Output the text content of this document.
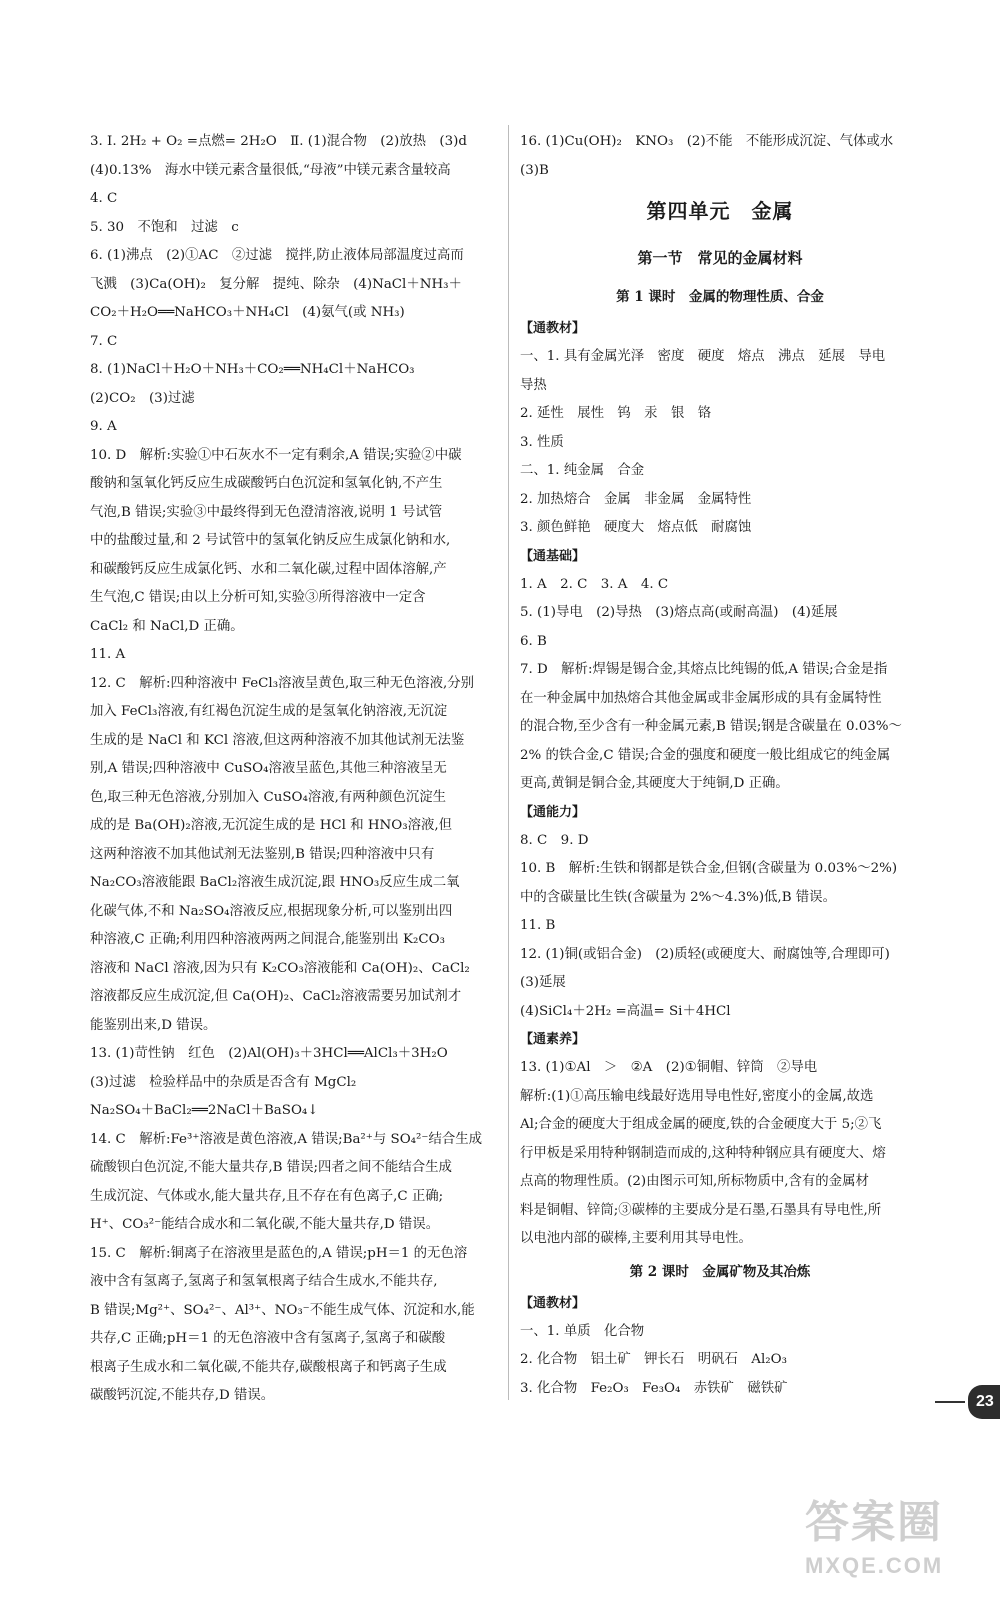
3. Ⅰ. 2H₂ + O₂ =点燃= 2H₂O　Ⅱ. (1)混合物　(2)放热　(3)d
(4)0.13%　海水中镁元素含量很低,“母液”中镁元素含量较高
4. C
5. 30　不饱和　过滤　c
6. (1)沸点　(2)①AC　②过滤　搅拌,防止液体局部温度过高而
飞溅　(3)Ca(OH)₂　复分解　提纯、除杂　(4)NaCl＋NH₃＋
CO₂＋H₂O══NaHCO₃＋NH₄Cl　(4)氨气(或 NH₃)
7. C
8. (1)NaCl＋H₂O＋NH₃＋CO₂══NH₄Cl＋NaHCO₃
(2)CO₂　(3)过滤
9. A
10. D　解析:实验①中石灰水不一定有剩余,A 错误;实验②中碳
酸钠和氢氧化钙反应生成碳酸钙白色沉淀和氢氧化钠,不产生
气泡,B 错误;实验③中最终得到无色澄清溶液,说明 1 号试管
中的盐酸过量,和 2 号试管中的氢氧化钠反应生成氯化钠和水,
和碳酸钙反应生成氯化钙、水和二氧化碳,过程中固体溶解,产
生气泡,C 错误;由以上分析可知,实验③所得溶液中一定含
CaCl₂ 和 NaCl,D 正确。
11. A
12. C　解析:四种溶液中 FeCl₃溶液呈黄色,取三种无色溶液,分别
加入 FeCl₃溶液,有红褐色沉淀生成的是氢氧化钠溶液,无沉淀
生成的是 NaCl 和 KCl 溶液,但这两种溶液不加其他试剂无法鉴
别,A 错误;四种溶液中 CuSO₄溶液呈蓝色,其他三种溶液呈无
色,取三种无色溶液,分别加入 CuSO₄溶液,有两种颜色沉淀生
成的是 Ba(OH)₂溶液,无沉淀生成的是 HCl 和 HNO₃溶液,但
这两种溶液不加其他试剂无法鉴别,B 错误;四种溶液中只有
Na₂CO₃溶液能跟 BaCl₂溶液生成沉淀,跟 HNO₃反应生成二氧
化碳气体,不和 Na₂SO₄溶液反应,根据现象分析,可以鉴别出四
种溶液,C 正确;利用四种溶液两两之间混合,能鉴别出 K₂CO₃
溶液和 NaCl 溶液,因为只有 K₂CO₃溶液能和 Ca(OH)₂、CaCl₂
溶液都反应生成沉淀,但 Ca(OH)₂、CaCl₂溶液需要另加试剂才
能鉴别出来,D 错误。
13. (1)苛性钠　红色　(2)Al(OH)₃＋3HCl══AlCl₃＋3H₂O
(3)过滤　检验样品中的杂质是否含有 MgCl₂
Na₂SO₄＋BaCl₂══2NaCl＋BaSO₄↓
14. C　解析:Fe³⁺溶液是黄色溶液,A 错误;Ba²⁺与 SO₄²⁻结合生成
硫酸钡白色沉淀,不能大量共存,B 错误;四者之间不能结合生成
生成沉淀、气体或水,能大量共存,且不存在有色离子,C 正确;
H⁺、CO₃²⁻能结合成水和二氧化碳,不能大量共存,D 错误。
15. C　解析:铜离子在溶液里是蓝色的,A 错误;pH＝1 的无色溶
液中含有氢离子,氢离子和氢氧根离子结合生成水,不能共存,
B 错误;Mg²⁺、SO₄²⁻、Al³⁺、NO₃⁻不能生成气体、沉淀和水,能
共存,C 正确;pH＝1 的无色溶液中含有氢离子,氢离子和碳酸
根离子生成水和二氧化碳,不能共存,碳酸根离子和钙离子生成
碳酸钙沉淀,不能共存,D 错误。
16. (1)Cu(OH)₂　KNO₃　(2)不能　不能形成沉淀、气体或水
(3)B
第四单元　金属
第一节　常见的金属材料
第 1 课时　金属的物理性质、合金
【通教材】
一、1. 具有金属光泽　密度　硬度　熔点　沸点　延展　导电
导热
2. 延性　展性　钨　汞　银　铬
3. 性质
二、1. 纯金属　合金
2. 加热熔合　金属　非金属　金属特性
3. 颜色鲜艳　硬度大　熔点低　耐腐蚀
【通基础】
1. A　2. C　3. A　4. C
5. (1)导电　(2)导热　(3)熔点高(或耐高温)　(4)延展
6. B
7. D　解析:焊锡是锡合金,其熔点比纯锡的低,A 错误;合金是指
在一种金属中加热熔合其他金属或非金属形成的具有金属特性
的混合物,至少含有一种金属元素,B 错误;钢是含碳量在 0.03%～
2% 的铁合金,C 错误;合金的强度和硬度一般比组成它的纯金属
更高,黄铜是铜合金,其硬度大于纯铜,D 正确。
【通能力】
8. C　9. D
10. B　解析:生铁和钢都是铁合金,但钢(含碳量为 0.03%～2%)
中的含碳量比生铁(含碳量为 2%～4.3%)低,B 错误。
11. B
12. (1)铜(或铝合金)　(2)质轻(或硬度大、耐腐蚀等,合理即可)
(3)延展
(4)SiCl₄＋2H₂ =高温= Si＋4HCl
【通素养】
13. (1)①Al　＞　②A　(2)①铜帽、锌筒　②导电
解析:(1)①高压输电线最好选用导电性好,密度小的金属,故选
Al;合金的硬度大于组成金属的硬度,铁的合金硬度大于 5;②飞
行甲板是采用特种钢制造而成的,这种特种钢应具有硬度大、熔
点高的物理性质。(2)由图示可知,所标物质中,含有的金属材
料是铜帽、锌筒;③碳棒的主要成分是石墨,石墨具有导电性,所
以电池内部的碳棒,主要利用其导电性。
第 2 课时　金属矿物及其冶炼
【通教材】
一、1. 单质　化合物
2. 化合物　铝土矿　钾长石　明矾石　Al₂O₃
3. 化合物　Fe₂O₃　Fe₃O₄　赤铁矿　磁铁矿
23
答案圈
MXQE.COM
